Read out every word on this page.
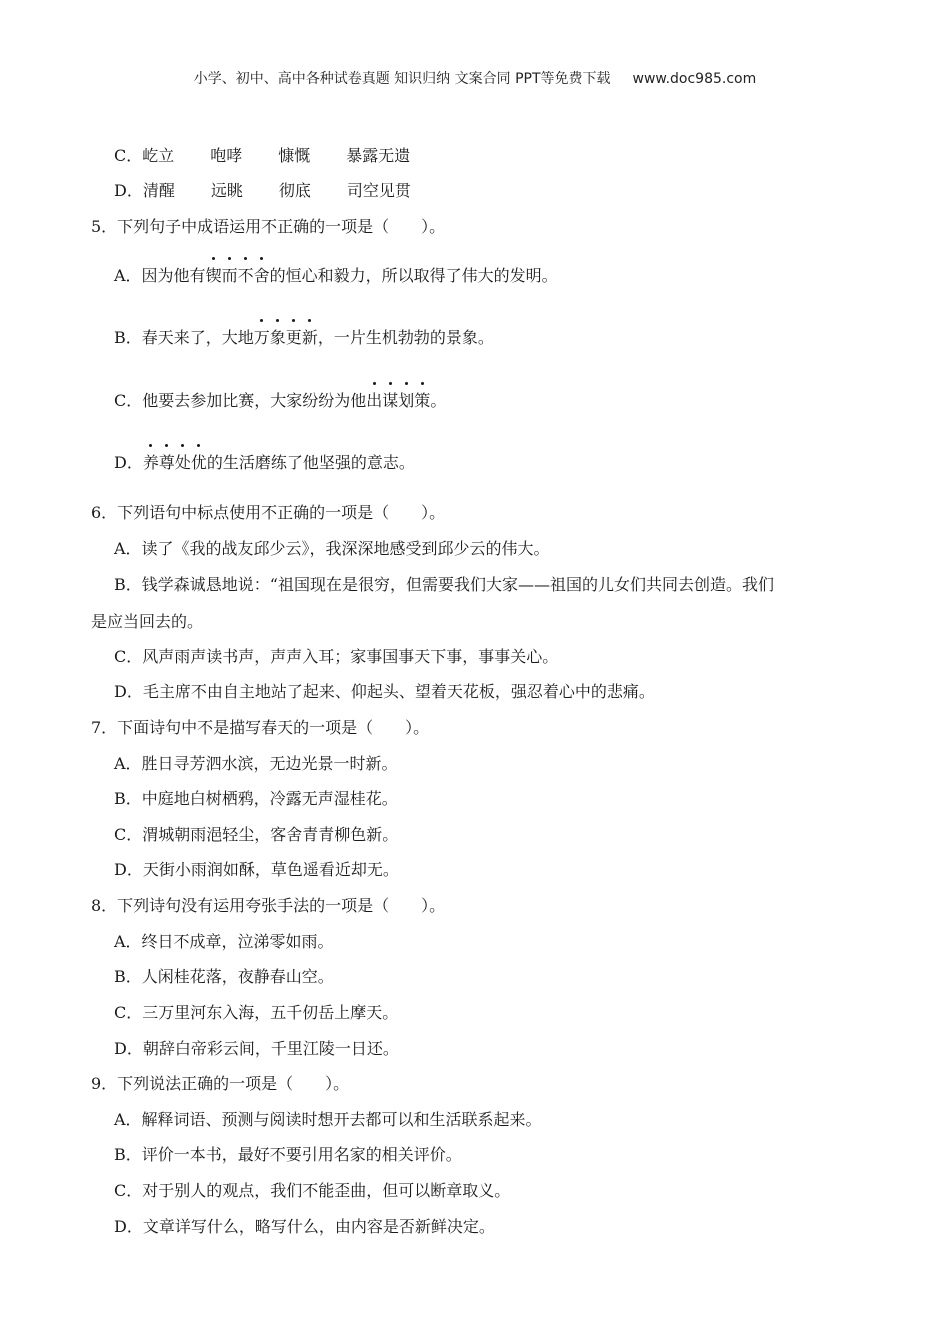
小学、初中、高中各种试卷真题 知识归纳 文案合同 PPT等免费下载 www.doc985.com
C．屹立 咆哮 慷慨 暴露无遗
D．清醒 远眺 彻底 司空见贯
5．下列句子中成语运用不正确的一项是（　　）。
A．因为他有锲而不舍的恒心和毅力，所以取得了伟大的发明。
B．春天来了，大地万象更新，一片生机勃勃的景象。
C．他要去参加比赛，大家纷纷为他出谋划策。
D．养尊处优的生活磨练了他坚强的意志。
6．下列语句中标点使用不正确的一项是（　　）。
A．读了《我的战友邱少云》，我深深地感受到邱少云的伟大。
B．钱学森诚恳地说：“祖国现在是很穷，但需要我们大家——祖国的儿女们共同去创造。我们
是应当回去的。
C．风声雨声读书声，声声入耳；家事国事天下事，事事关心。
D．毛主席不由自主地站了起来、仰起头、望着天花板，强忍着心中的悲痛。
7．下面诗句中不是描写春天的一项是（　　）。
A．胜日寻芳泗水滨，无边光景一时新。
B．中庭地白树栖鸦，冷露无声湿桂花。
C．渭城朝雨浥轻尘，客舍青青柳色新。
D．天街小雨润如酥，草色遥看近却无。
8．下列诗句没有运用夸张手法的一项是（　　）。
A．终日不成章，泣涕零如雨。
B．人闲桂花落，夜静春山空。
C．三万里河东入海，五千仞岳上摩天。
D．朝辞白帝彩云间，千里江陵一日还。
9．下列说法正确的一项是（　　）。
A．解释词语、预测与阅读时想开去都可以和生活联系起来。
B．评价一本书，最好不要引用名家的相关评价。
C．对于别人的观点，我们不能歪曲，但可以断章取义。
D．文章详写什么，略写什么，由内容是否新鲜决定。
